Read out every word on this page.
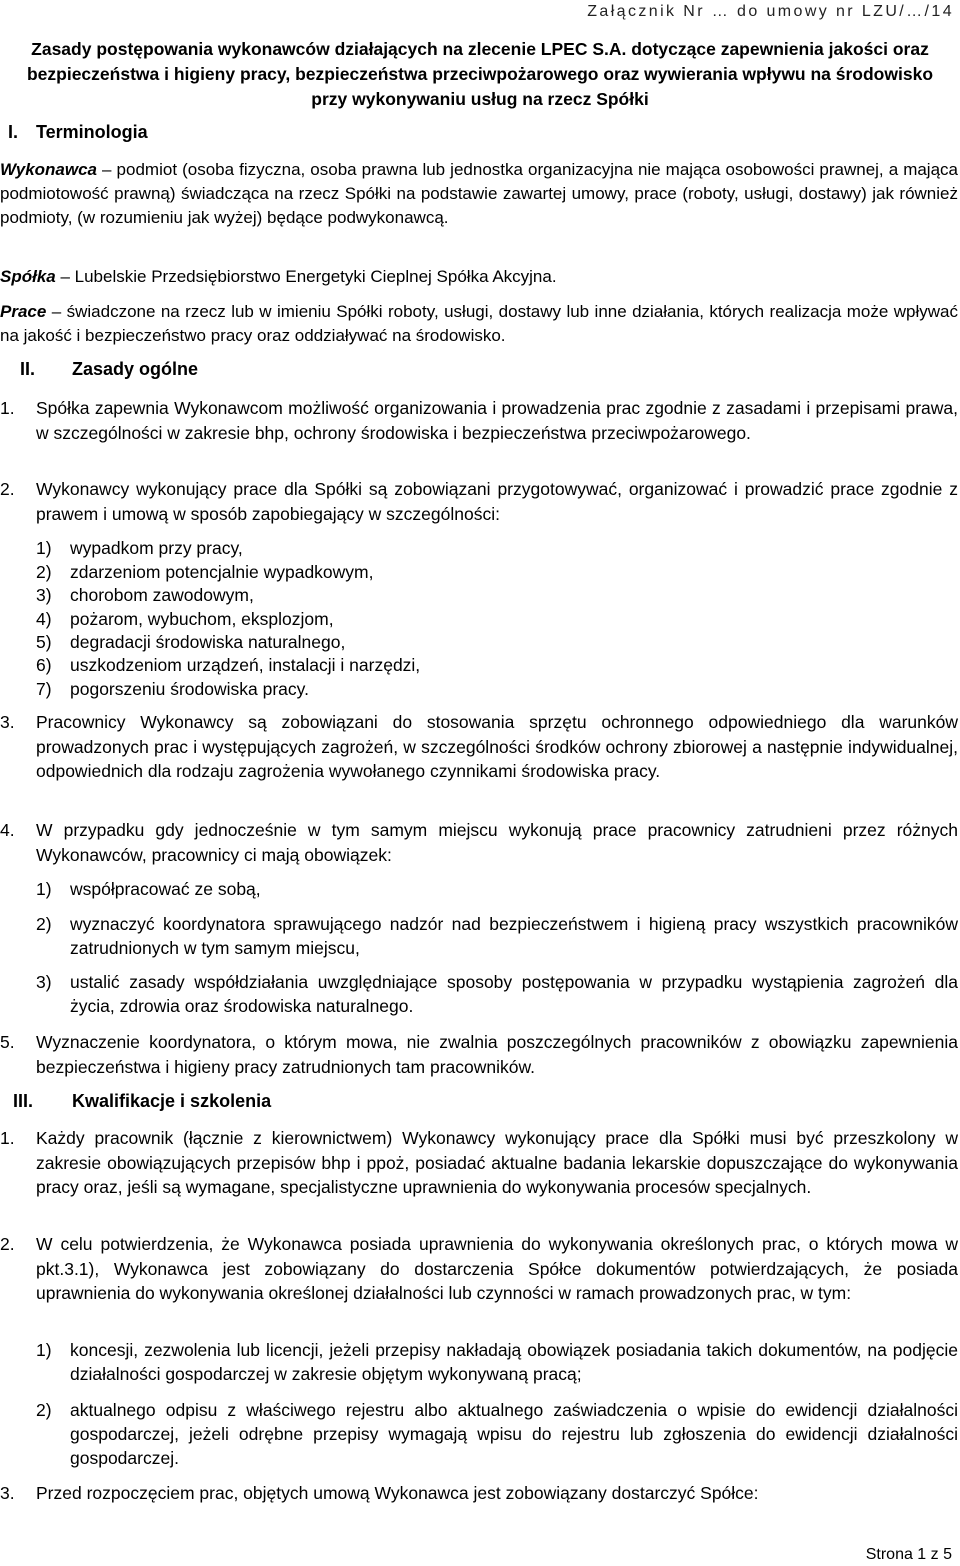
Załącznik Nr … do umowy nr LZU/…/14
Zasady postępowania wykonawców działających na zlecenie LPEC S.A. dotyczące zapewnienia jakości oraz bezpieczeństwa i higieny pracy, bezpieczeństwa przeciwpożarowego oraz wywierania wpływu na środowisko przy wykonywaniu usług na rzecz Spółki
I. Terminologia
Wykonawca – podmiot (osoba fizyczna, osoba prawna lub jednostka organizacyjna nie mająca osobowości prawnej, a mająca podmiotowość prawną) świadcząca na rzecz Spółki na podstawie zawartej umowy, prace (roboty, usługi, dostawy) jak również podmioty, (w rozumieniu jak wyżej) będące podwykonawcą.
Spółka – Lubelskie Przedsiębiorstwo Energetyki Cieplnej Spółka Akcyjna.
Prace – świadczone na rzecz lub w imieniu Spółki roboty, usługi, dostawy lub inne działania, których realizacja może wpływać na jakość i bezpieczeństwo pracy oraz oddziaływać na środowisko.
II. Zasady ogólne
1. Spółka zapewnia Wykonawcom możliwość organizowania i prowadzenia prac zgodnie z zasadami i przepisami prawa, w szczególności w zakresie bhp, ochrony środowiska i bezpieczeństwa przeciwpożarowego.
2. Wykonawcy wykonujący prace dla Spółki są zobowiązani przygotowywać, organizować i prowadzić prace zgodnie z prawem i umową w sposób zapobiegający w szczególności:
1) wypadkom przy pracy,
2) zdarzeniom potencjalnie wypadkowym,
3) chorobom zawodowym,
4) pożarom, wybuchom, eksplozjom,
5) degradacji środowiska naturalnego,
6) uszkodzeniom urządzeń, instalacji i narzędzi,
7) pogorszeniu środowiska pracy.
3. Pracownicy Wykonawcy są zobowiązani do stosowania sprzętu ochronnego odpowiedniego dla warunków prowadzonych prac i występujących zagrożeń, w szczególności środków ochrony zbiorowej a następnie indywidualnej, odpowiednich dla rodzaju zagrożenia wywołanego czynnikami środowiska pracy.
4. W przypadku gdy jednocześnie w tym samym miejscu wykonują prace pracownicy zatrudnieni przez różnych Wykonawców, pracownicy ci mają obowiązek:
1) współpracować ze sobą,
2) wyznaczyć koordynatora sprawującego nadzór nad bezpieczeństwem i higieną pracy wszystkich pracowników zatrudnionych w tym samym miejscu,
3) ustalić zasady współdziałania uwzględniające sposoby postępowania w przypadku wystąpienia zagrożeń dla życia, zdrowia oraz środowiska naturalnego.
5. Wyznaczenie koordynatora, o którym mowa, nie zwalnia poszczególnych pracowników z obowiązku zapewnienia bezpieczeństwa i higieny pracy zatrudnionych tam pracowników.
III. Kwalifikacje i szkolenia
1. Każdy pracownik (łącznie z kierownictwem) Wykonawcy wykonujący prace dla Spółki musi być przeszkolony w zakresie obowiązujących przepisów bhp i ppoż, posiadać aktualne badania lekarskie dopuszczające do wykonywania pracy oraz, jeśli są wymagane, specjalistyczne uprawnienia do wykonywania procesów specjalnych.
2. W celu potwierdzenia, że Wykonawca posiada uprawnienia do wykonywania określonych prac, o których mowa w pkt.3.1), Wykonawca jest zobowiązany do dostarczenia Spółce dokumentów potwierdzających, że posiada uprawnienia do wykonywania określonej działalności lub czynności w ramach prowadzonych prac, w tym:
1) koncesji, zezwolenia lub licencji, jeżeli przepisy nakładają obowiązek posiadania takich dokumentów, na podjęcie działalności gospodarczej w zakresie objętym wykonywaną pracą;
2) aktualnego odpisu z właściwego rejestru albo aktualnego zaświadczenia o wpisie do ewidencji działalności gospodarczej, jeżeli odrębne przepisy wymagają wpisu do rejestru lub zgłoszenia do ewidencji działalności gospodarczej.
3. Przed rozpoczęciem prac, objętych umową Wykonawca jest zobowiązany dostarczyć Spółce:
Strona 1 z 5
